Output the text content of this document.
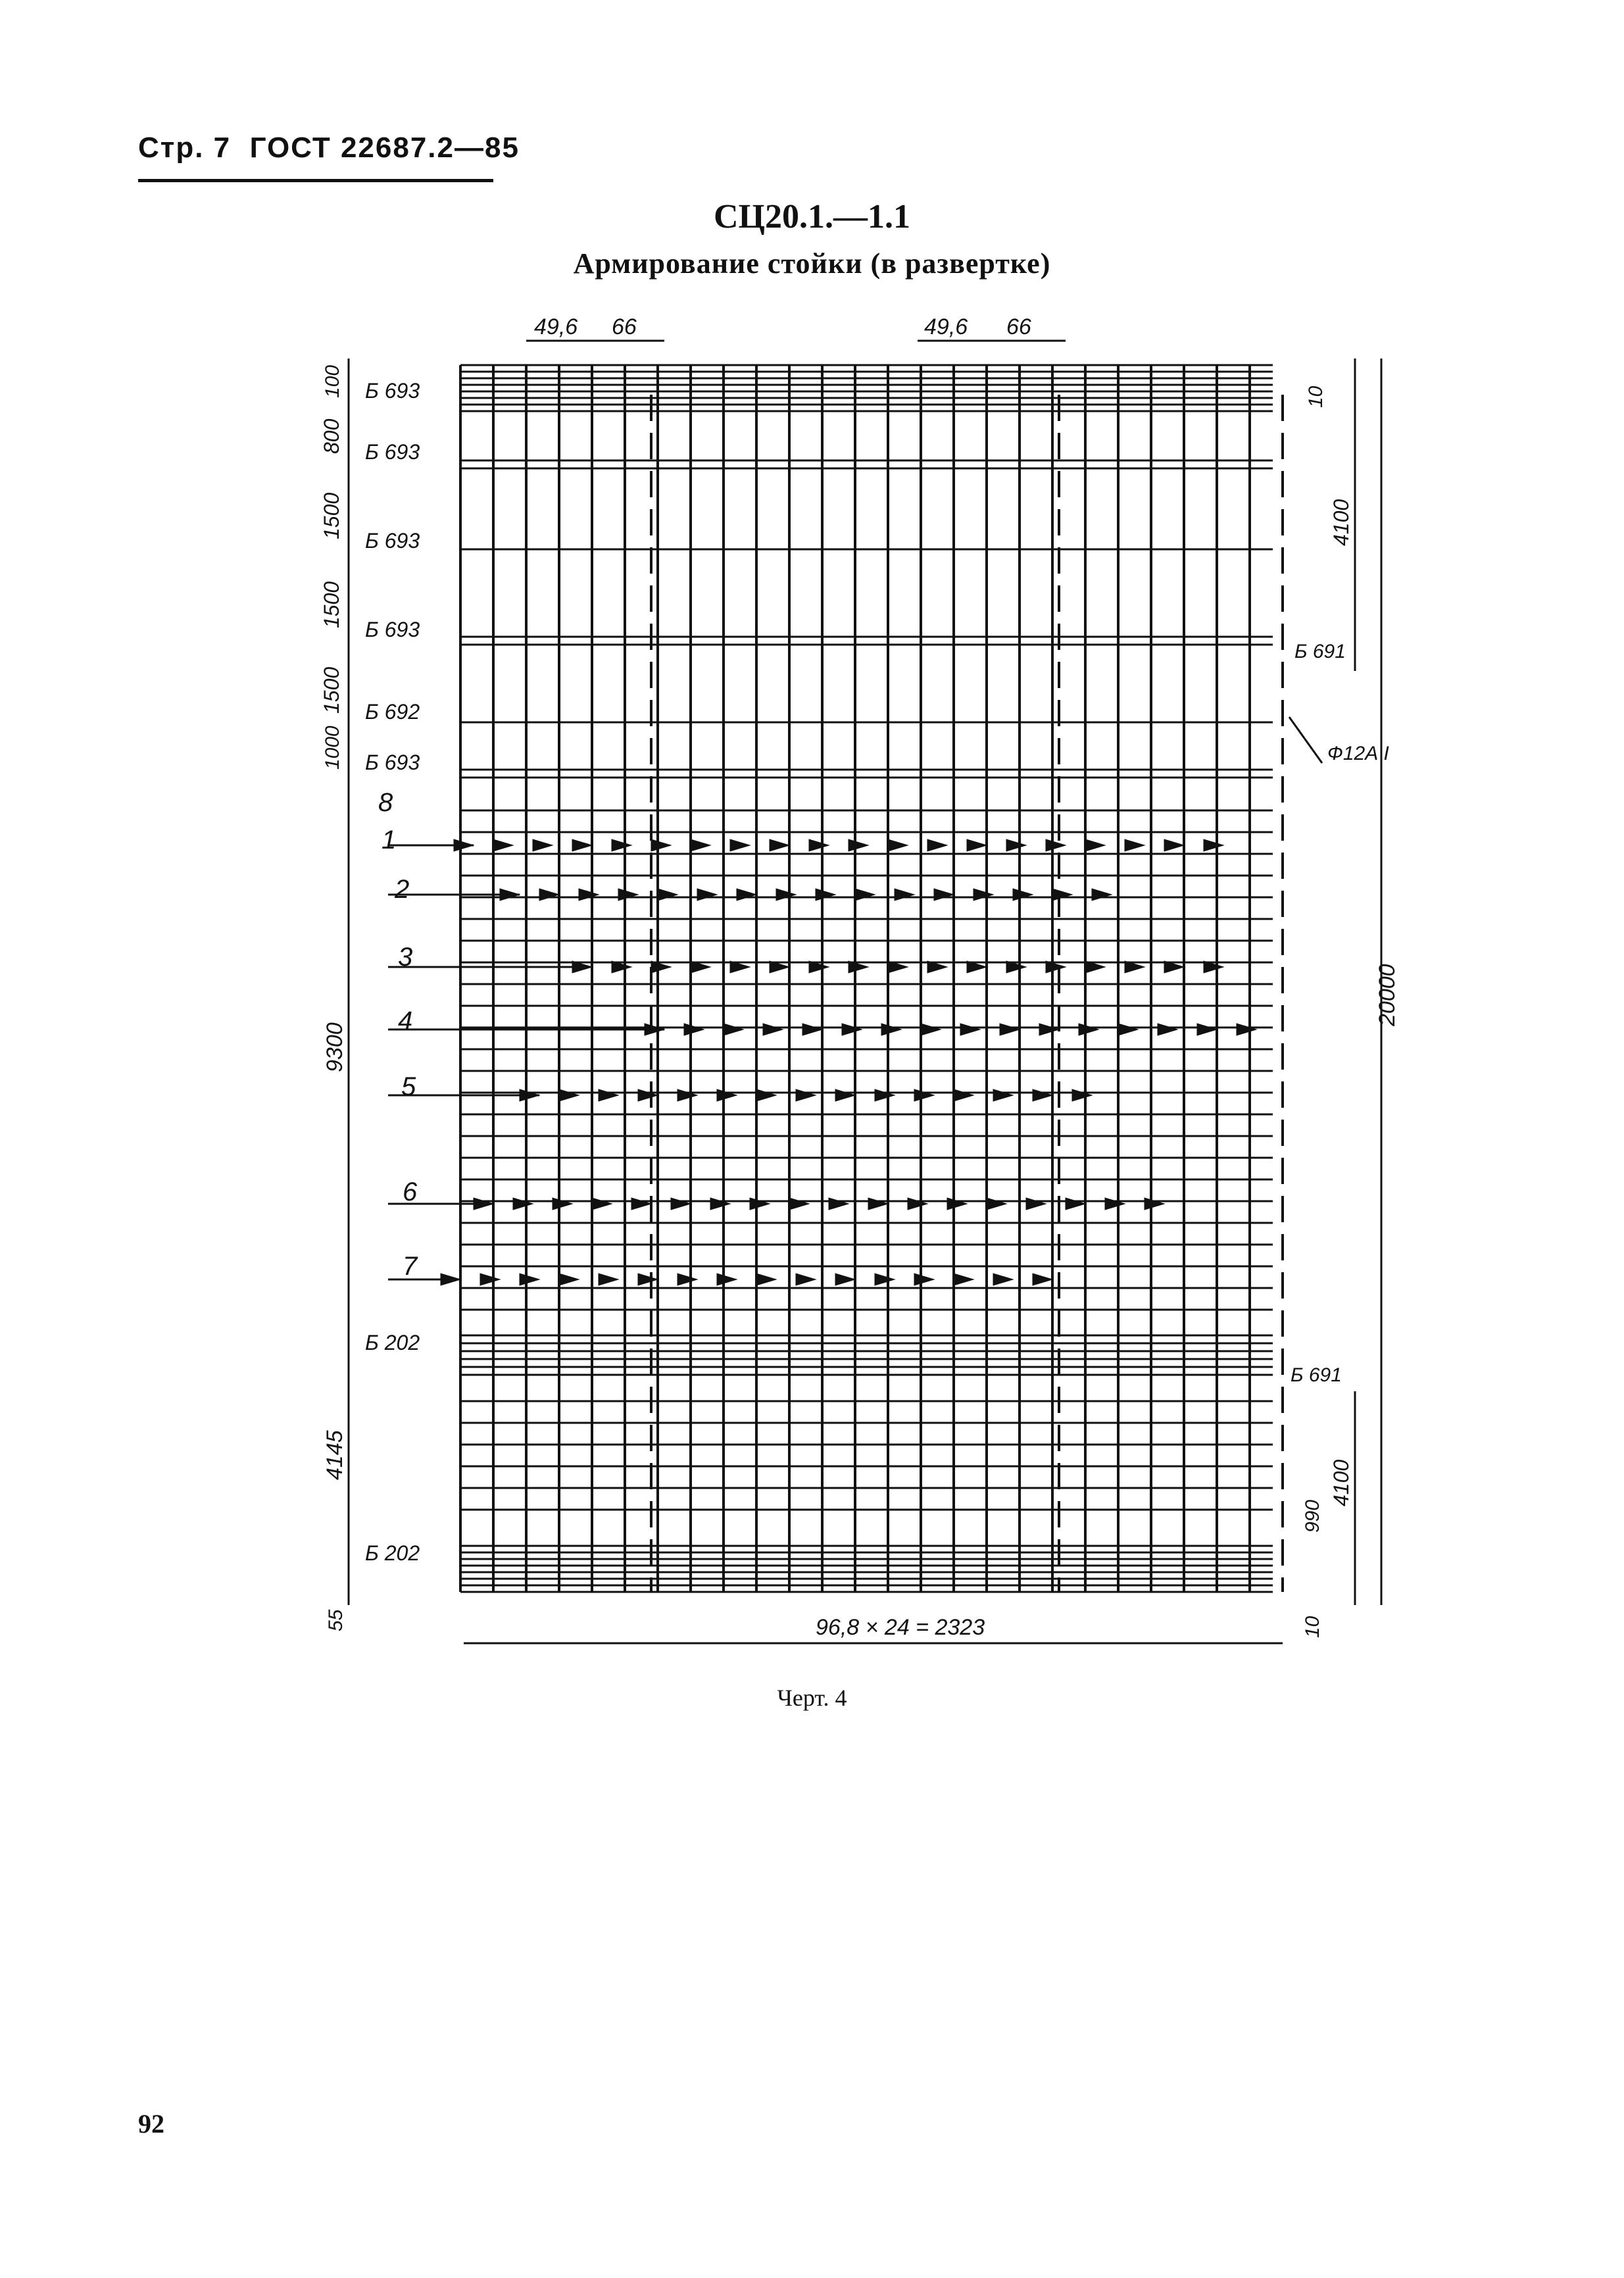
Стр. 7 ГОСТ 22687.2—85
СЦ20.1.—1.1
Армирование стойки (в развертке)
49,6 66	49,6 66
100
800
1500
1500
1500
1000
9300
4145
55
Б 693
Б 693
Б 693
Б 693
Б 692
Б 693
Б 202
Б 202
8
1
2
3
4
5
6
7
Б 691
Ф12А I
Б 691
10
4100
20000
4100
990
10
96,8 × 24 = 2323
Черт. 4
92
